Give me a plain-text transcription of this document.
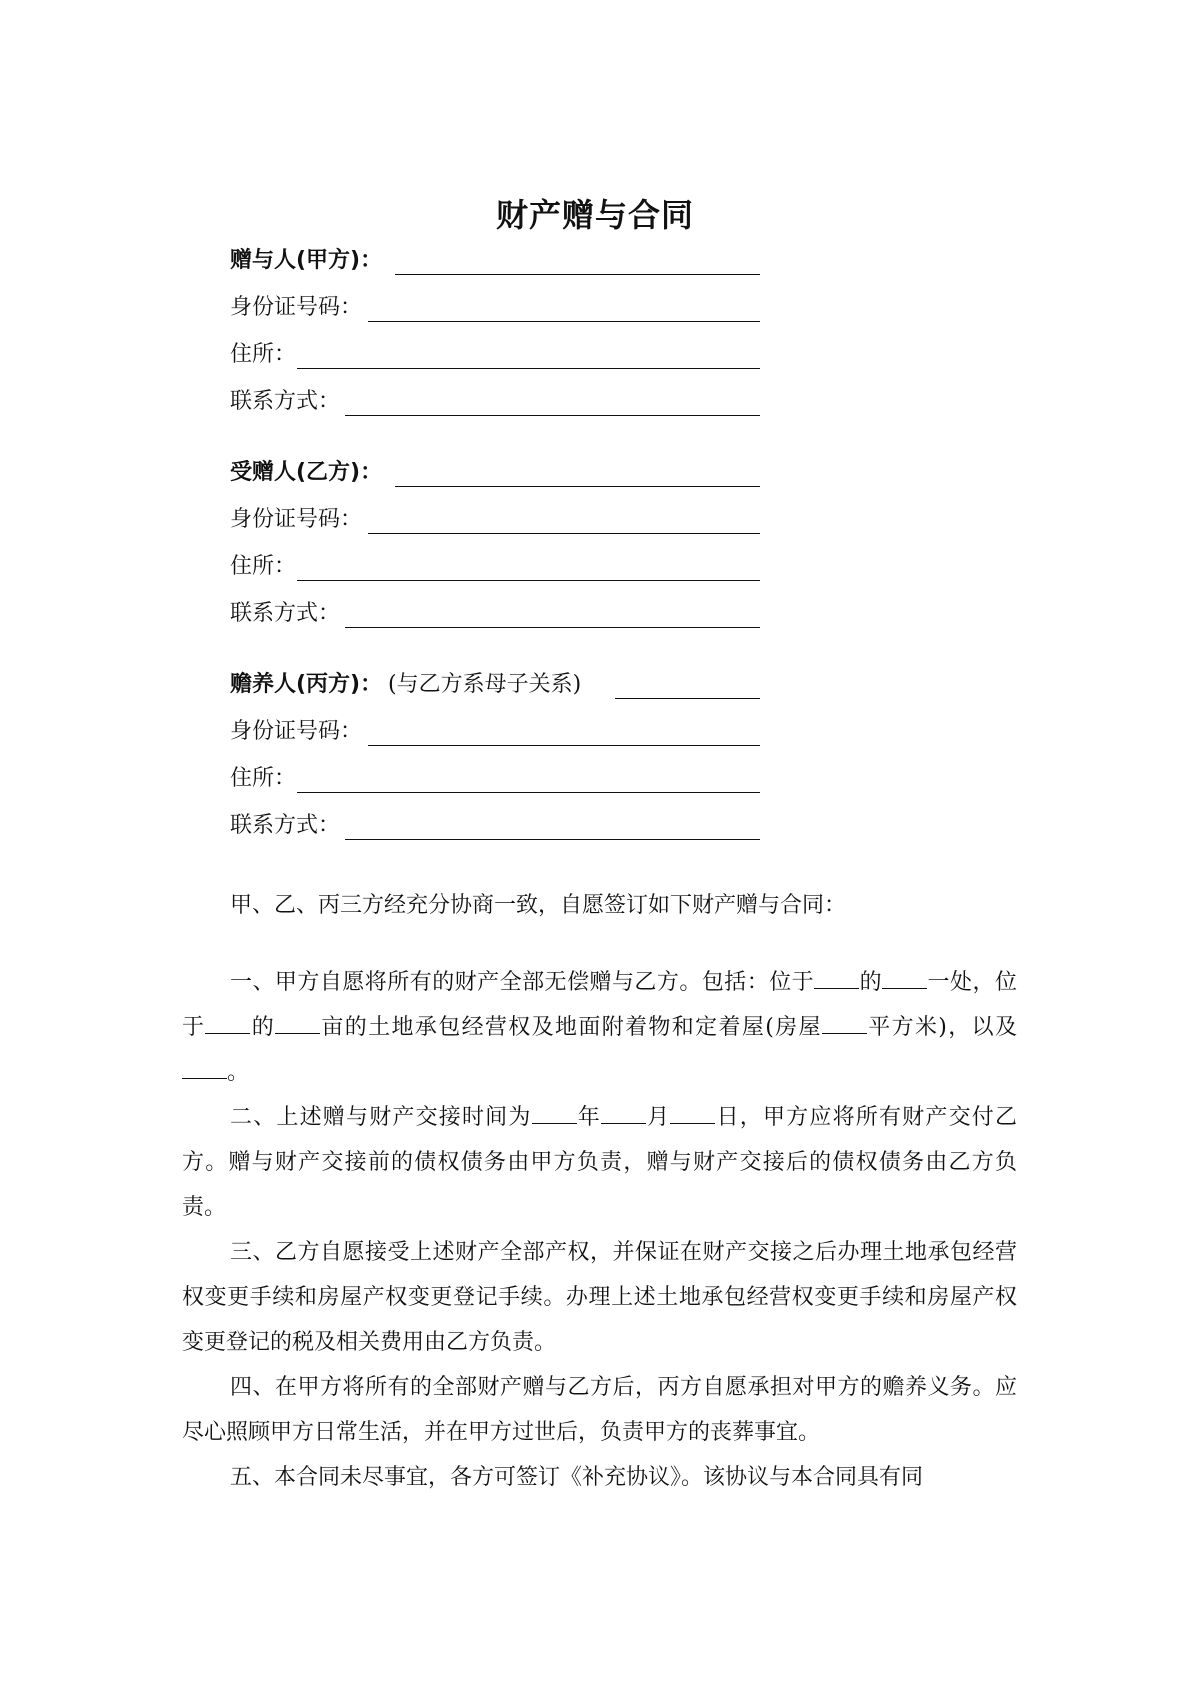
财产赠与合同
赠与人(甲方)：
身份证号码：
住所：
联系方式：
受赠人(乙方)：
身份证号码：
住所：
联系方式：
赡养人(丙方)： (与乙方系母子关系)
身份证号码：
住所：
联系方式：
甲、乙、丙三方经充分协商一致，自愿签订如下财产赠与合同：
一、甲方自愿将所有的财产全部无偿赠与乙方。包括：位于 的 一处，位于 的 亩的土地承包经营权及地面附着物和定着屋(房屋 平方米)，以及。
二、上述赠与财产交接时间为 年 月 日，甲方应将所有财产交付乙方。赠与财产交接前的债权债务由甲方负责，赠与财产交接后的债权债务由乙方负责。
三、乙方自愿接受上述财产全部产权，并保证在财产交接之后办理土地承包经营权变更手续和房屋产权变更登记手续。办理上述土地承包经营权变更手续和房屋产权变更登记的税及相关费用由乙方负责。
四、在甲方将所有的全部财产赠与乙方后，丙方自愿承担对甲方的赡养义务。应尽心照顾甲方日常生活，并在甲方过世后，负责甲方的丧葬事宜。
五、本合同未尽事宜，各方可签订《补充协议》。该协议与本合同具有同
